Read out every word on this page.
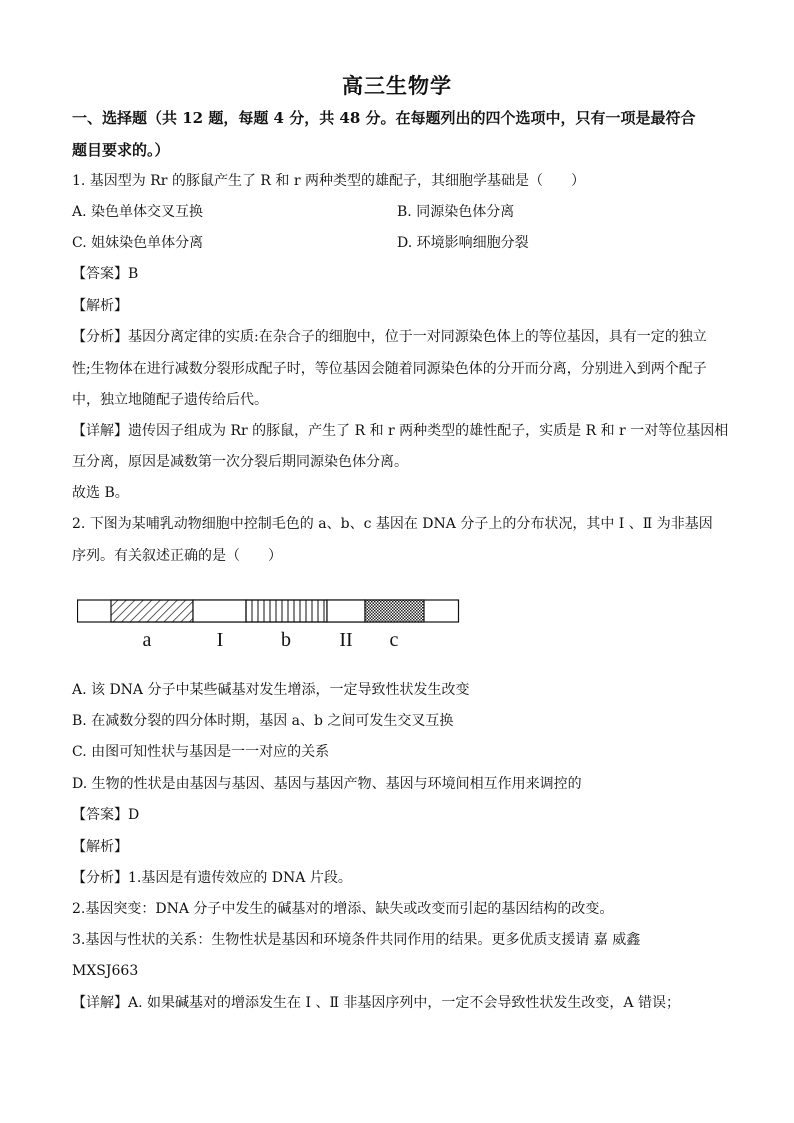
高三生物学
一、选择题（共 12 题，每题 4 分，共 48 分。在每题列出的四个选项中，只有一项是最符合
题目要求的。）
1. 基因型为 Rr 的豚鼠产生了 R 和 r 两种类型的雄配子，其细胞学基础是（　　）
A. 染色单体交叉互换	B. 同源染色体分离
C. 姐妹染色单体分离	D. 环境影响细胞分裂
【答案】B
【解析】
【分析】基因分离定律的实质:在杂合子的细胞中，位于一对同源染色体上的等位基因，具有一定的独立
性;生物体在进行减数分裂形成配子时，等位基因会随着同源染色体的分开而分离，分别进入到两个配子
中，独立地随配子遗传给后代。
【详解】遗传因子组成为 Rr 的豚鼠，产生了 R 和 r 两种类型的雄性配子，实质是 R 和 r 一对等位基因相
互分离，原因是减数第一次分裂后期同源染色体分离。
故选 B。
2. 下图为某哺乳动物细胞中控制毛色的 a、b、c 基因在 DNA 分子上的分布状况，其中 Ⅰ 、Ⅱ 为非基因
序列。有关叙述正确的是（　　）
a	I	b II c
A. 该 DNA 分子中某些碱基对发生增添，一定导致性状发生改变
B. 在减数分裂的四分体时期，基因 a、b 之间可发生交叉互换
C. 由图可知性状与基因是一一对应的关系
D. 生物的性状是由基因与基因、基因与基因产物、基因与环境间相互作用来调控的
【答案】D
【解析】
【分析】1.基因是有遗传效应的 DNA 片段。
2.基因突变：DNA 分子中发生的碱基对的增添、缺失或改变而引起的基因结构的改变。
3.基因与性状的关系：生物性状是基因和环境条件共同作用的结果。更多优质支援请 嘉 威鑫
MXSJ663
【详解】A. 如果碱基对的增添发生在 Ⅰ 、Ⅱ 非基因序列中，一定不会导致性状发生改变，A 错误；
